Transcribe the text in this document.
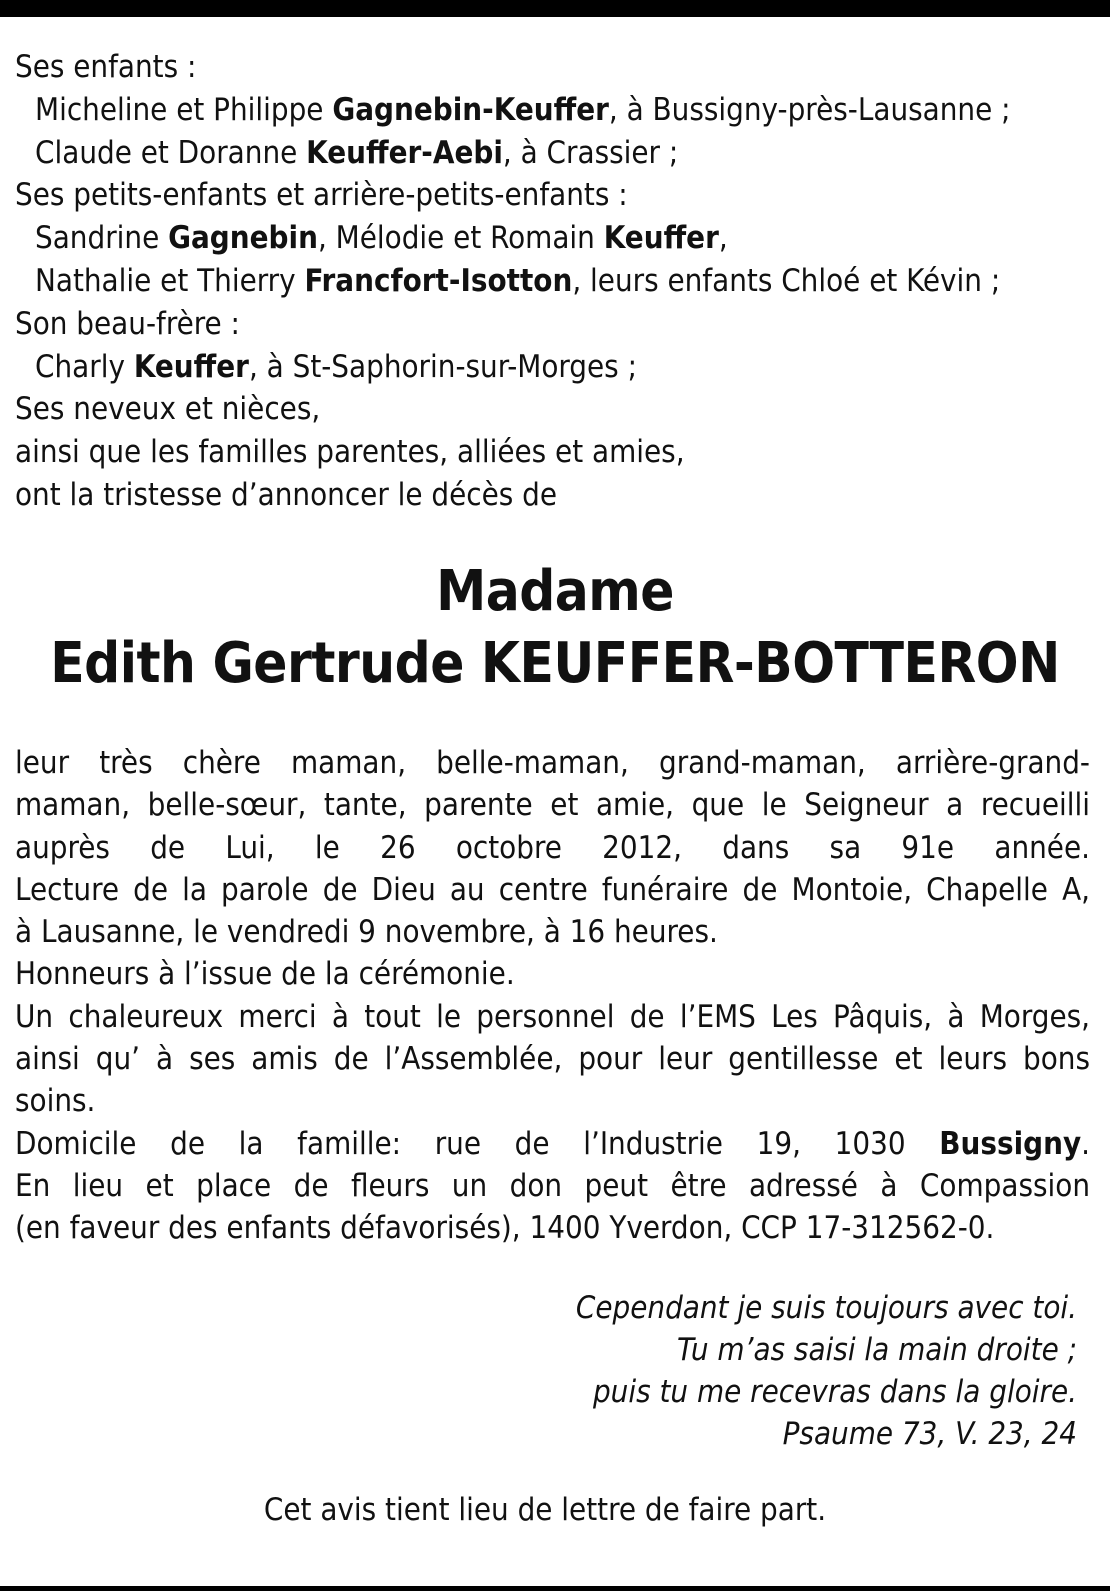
Ses enfants :
Micheline et Philippe Gagnebin-Keuffer, à Bussigny-près-Lausanne ;
Claude et Doranne Keuffer-Aebi, à Crassier ;
Ses petits-enfants et arrière-petits-enfants :
Sandrine Gagnebin, Mélodie et Romain Keuffer,
Nathalie et Thierry Francfort-Isotton, leurs enfants Chloé et Kévin ;
Son beau-frère :
Charly Keuffer, à St-Saphorin-sur-Morges ;
Ses neveux et nièces,
ainsi que les familles parentes, alliées et amies,
ont la tristesse d’annoncer le décès de
Madame
Edith Gertrude KEUFFER-BOTTERON
leur très chère maman, belle-maman, grand-maman, arrière-grand-
maman, belle-sœur, tante, parente et amie, que le Seigneur a recueilli
auprès de Lui, le 26 octobre 2012, dans sa 91e année.
Lecture de la parole de Dieu au centre funéraire de Montoie, Chapelle A,
à Lausanne, le vendredi 9 novembre, à 16 heures.
Honneurs à l’issue de la cérémonie.
Un chaleureux merci à tout le personnel de l’EMS Les Pâquis, à Morges,
ainsi qu’ à ses amis de l’Assemblée, pour leur gentillesse et leurs bons
soins.
Domicile de la famille: rue de l’Industrie 19, 1030 Bussigny.
En lieu et place de fleurs un don peut être adressé à Compassion
(en faveur des enfants défavorisés), 1400 Yverdon, CCP 17-312562-0.
Cependant je suis toujours avec toi.
Tu m’as saisi la main droite ;
puis tu me recevras dans la gloire.
Psaume 73, V. 23, 24
Cet avis tient lieu de lettre de faire part.
